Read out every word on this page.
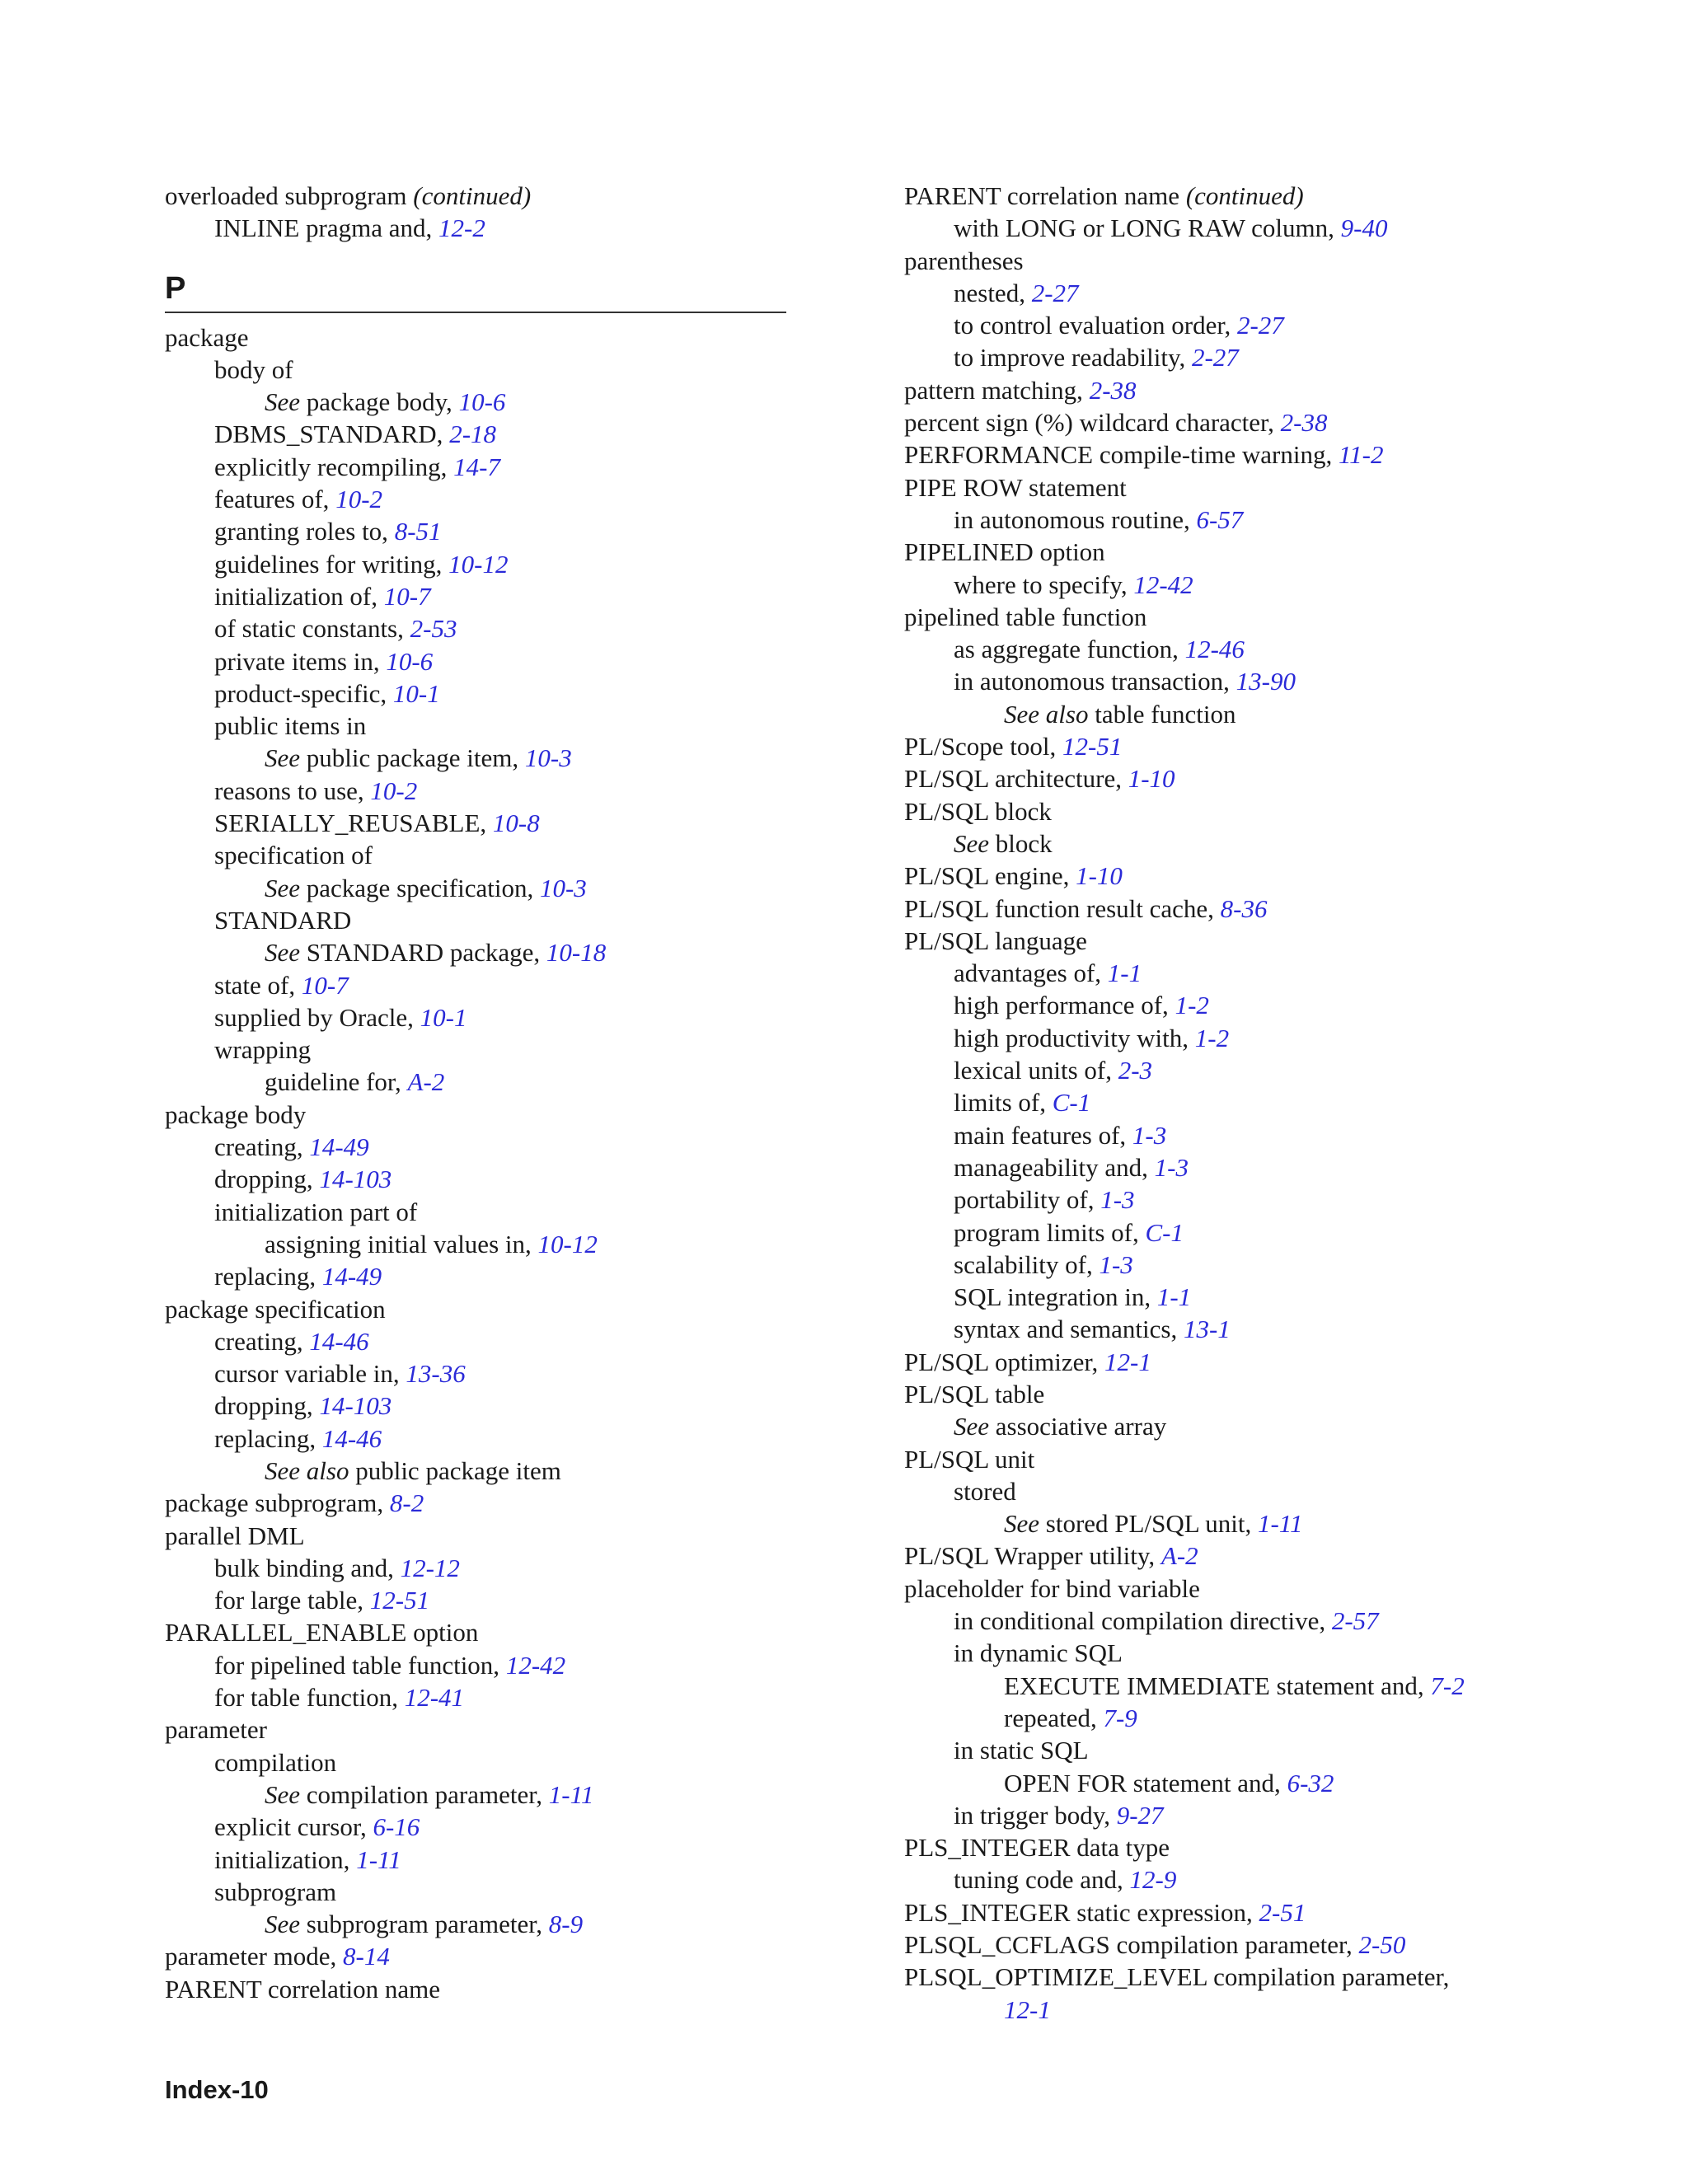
overloaded subprogram (continued)
INLINE pragma and, 12-2
P
package
body of
See package body, 10-6
DBMS_STANDARD, 2-18
explicitly recompiling, 14-7
features of, 10-2
granting roles to, 8-51
guidelines for writing, 10-12
initialization of, 10-7
of static constants, 2-53
private items in, 10-6
product-specific, 10-1
public items in
See public package item, 10-3
reasons to use, 10-2
SERIALLY_REUSABLE, 10-8
specification of
See package specification, 10-3
STANDARD
See STANDARD package, 10-18
state of, 10-7
supplied by Oracle, 10-1
wrapping
guideline for, A-2
package body
creating, 14-49
dropping, 14-103
initialization part of
assigning initial values in, 10-12
replacing, 14-49
package specification
creating, 14-46
cursor variable in, 13-36
dropping, 14-103
replacing, 14-46
See also public package item
package subprogram, 8-2
parallel DML
bulk binding and, 12-12
for large table, 12-51
PARALLEL_ENABLE option
for pipelined table function, 12-42
for table function, 12-41
parameter
compilation
See compilation parameter, 1-11
explicit cursor, 6-16
initialization, 1-11
subprogram
See subprogram parameter, 8-9
parameter mode, 8-14
PARENT correlation name
PARENT correlation name (continued)
with LONG or LONG RAW column, 9-40
parentheses
nested, 2-27
to control evaluation order, 2-27
to improve readability, 2-27
pattern matching, 2-38
percent sign (%) wildcard character, 2-38
PERFORMANCE compile-time warning, 11-2
PIPE ROW statement
in autonomous routine, 6-57
PIPELINED option
where to specify, 12-42
pipelined table function
as aggregate function, 12-46
in autonomous transaction, 13-90
See also table function
PL/Scope tool, 12-51
PL/SQL architecture, 1-10
PL/SQL block
See block
PL/SQL engine, 1-10
PL/SQL function result cache, 8-36
PL/SQL language
advantages of, 1-1
high performance of, 1-2
high productivity with, 1-2
lexical units of, 2-3
limits of, C-1
main features of, 1-3
manageability and, 1-3
portability of, 1-3
program limits of, C-1
scalability of, 1-3
SQL integration in, 1-1
syntax and semantics, 13-1
PL/SQL optimizer, 12-1
PL/SQL table
See associative array
PL/SQL unit
stored
See stored PL/SQL unit, 1-11
PL/SQL Wrapper utility, A-2
placeholder for bind variable
in conditional compilation directive, 2-57
in dynamic SQL
EXECUTE IMMEDIATE statement and, 7-2
repeated, 7-9
in static SQL
OPEN FOR statement and, 6-32
in trigger body, 9-27
PLS_INTEGER data type
tuning code and, 12-9
PLS_INTEGER static expression, 2-51
PLSQL_CCFLAGS compilation parameter, 2-50
PLSQL_OPTIMIZE_LEVEL compilation parameter,
12-1
Index-10
